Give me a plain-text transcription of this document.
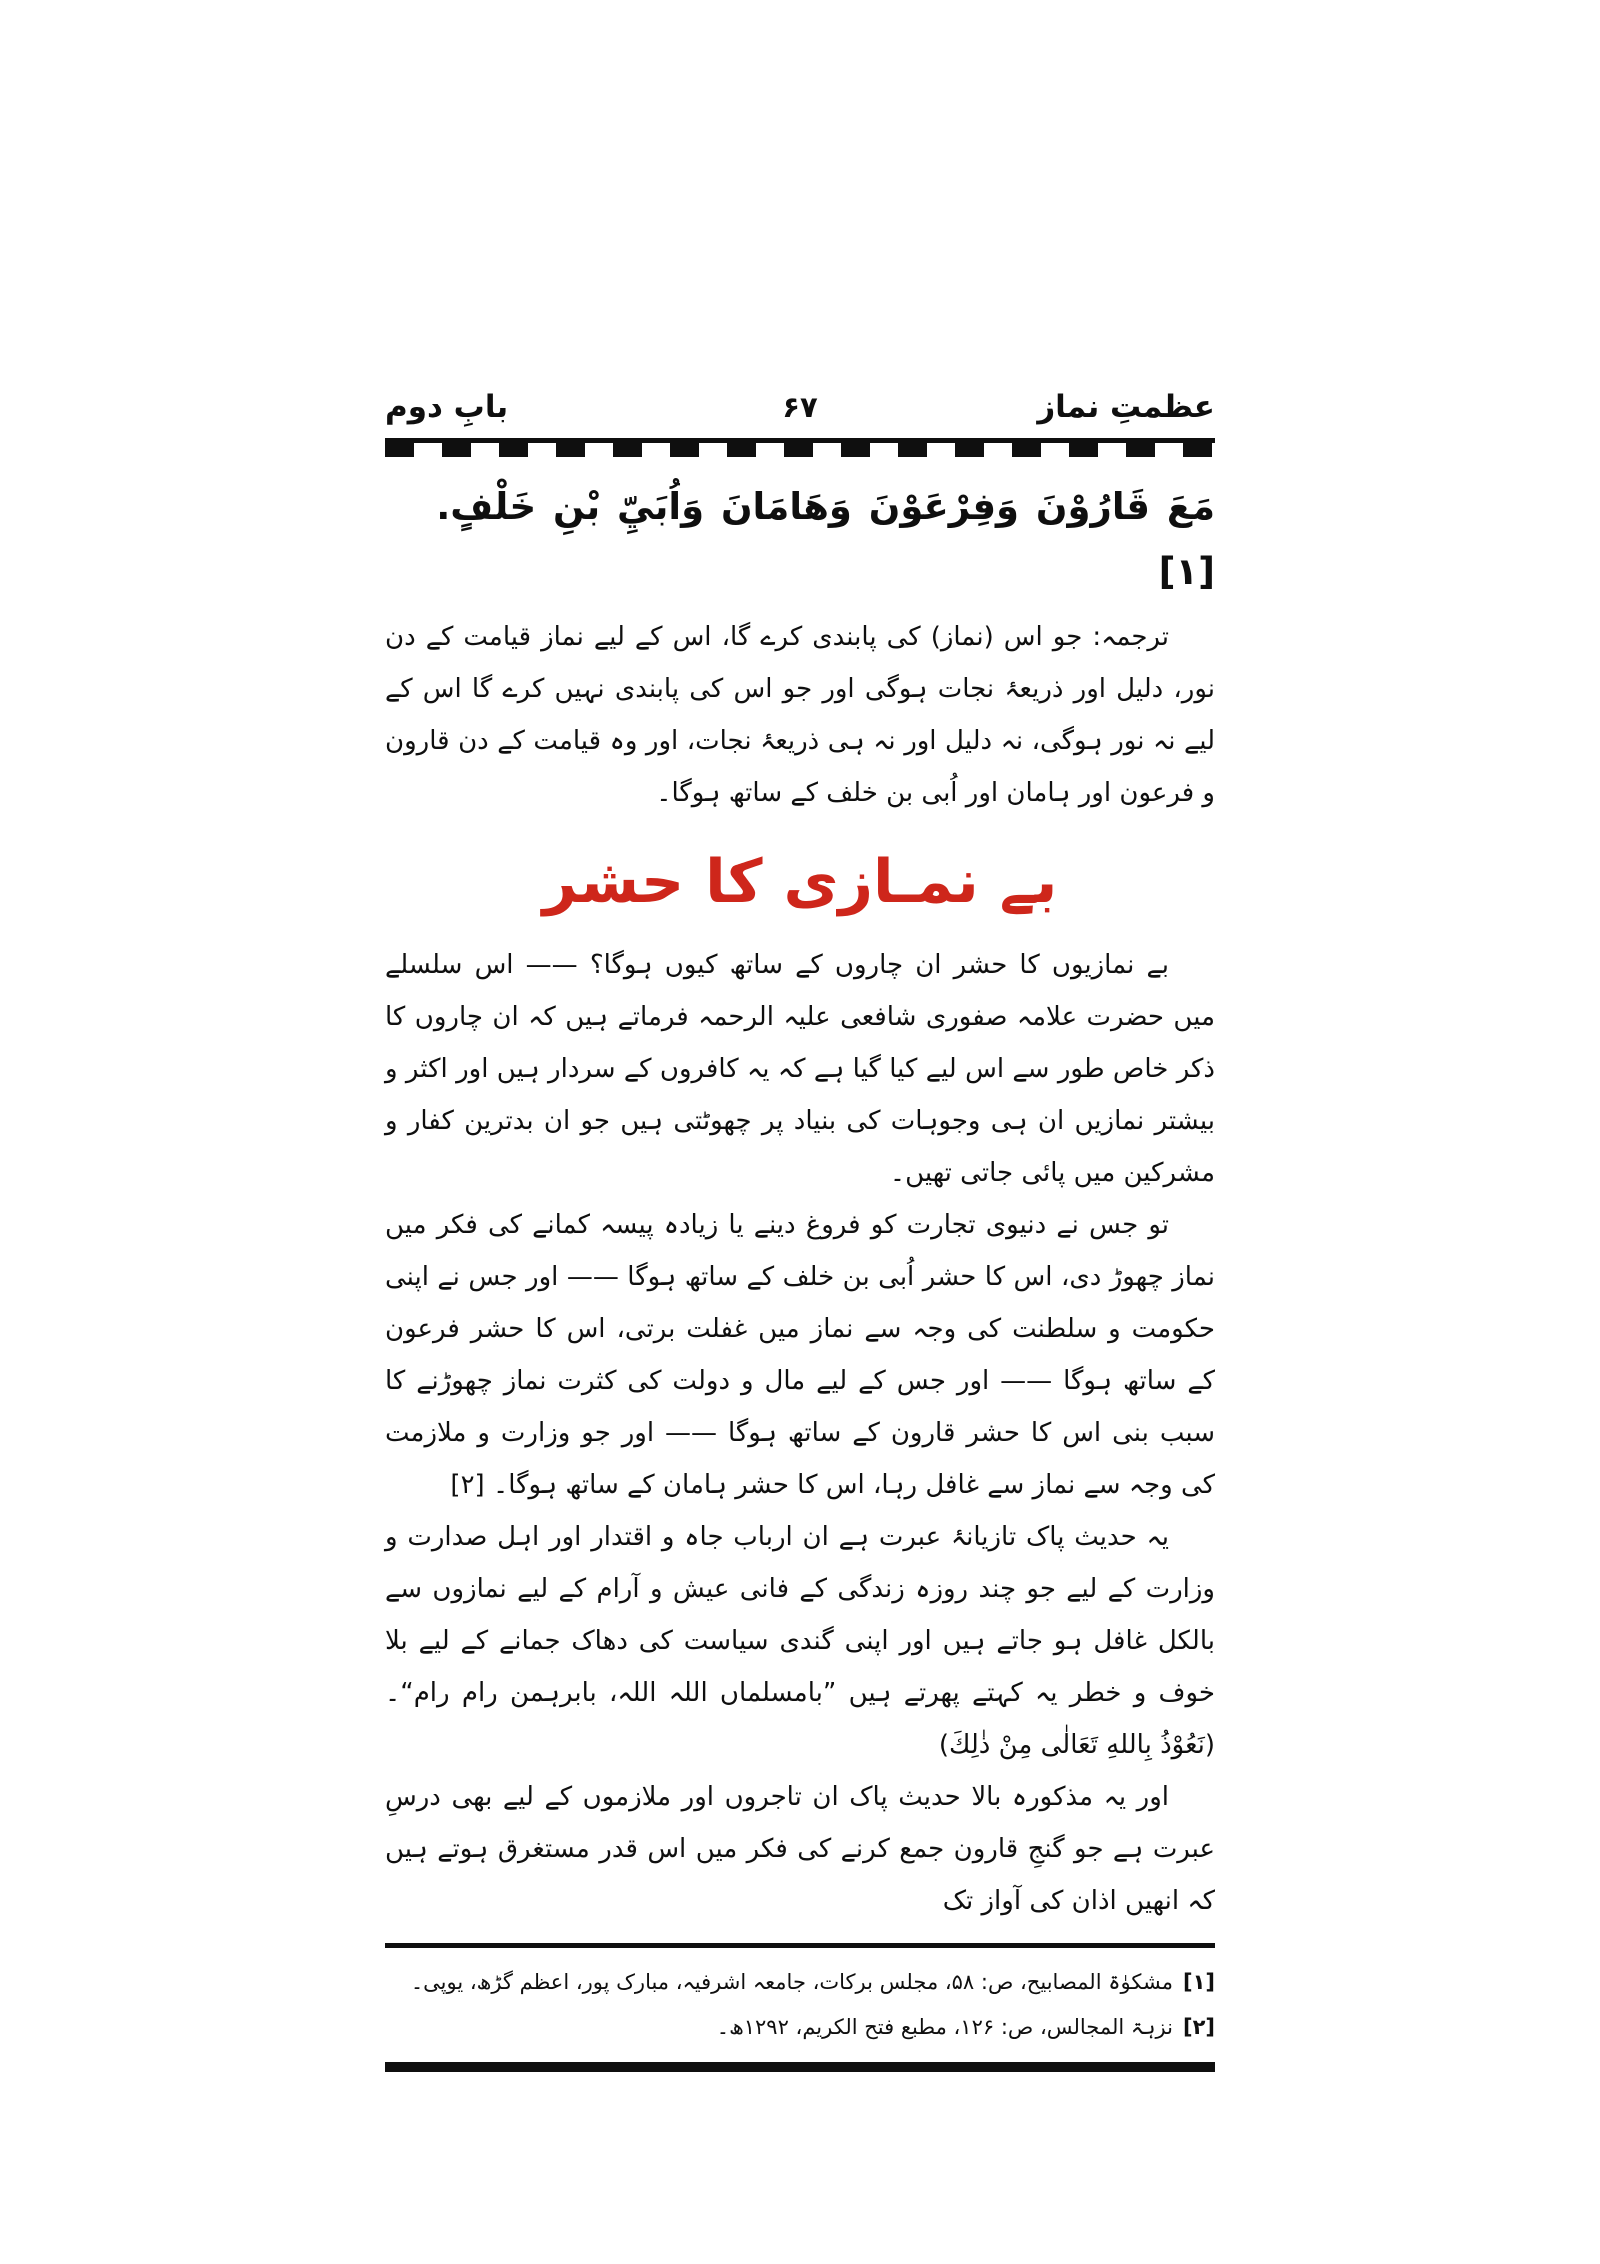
عظمتِ نماز
۶۷
بابِ دوم

مَعَ قَارُوْنَ وَفِرْعَوْنَ وَهَامَانَ وَاُبَيِّ بْنِ خَلْفٍ.[۱]

ترجمہ: جو اس (نماز) کی پابندی کرے گا، اس کے لیے نماز قیامت کے دن نور، دلیل اور ذریعۂ نجات ہوگی اور جو اس کی پابندی نہیں کرے گا اس کے لیے نہ نور ہوگی، نہ دلیل اور نہ ہی ذریعۂ نجات، اور وہ قیامت کے دن قارون و فرعون اور ہامان اور اُبی بن خلف کے ساتھ ہوگا۔

بے نمـازی کا حشر

بے نمازیوں کا حشر ان چاروں کے ساتھ کیوں ہوگا؟ —— اس سلسلے میں حضرت علامہ صفوری شافعی علیہ الرحمہ فرماتے ہیں کہ ان چاروں کا ذکر خاص طور سے اس لیے کیا گیا ہے کہ یہ کافروں کے سردار ہیں اور اکثر و بیشتر نمازیں ان ہی وجوہات کی بنیاد پر چھوٹتی ہیں جو ان بدترین کفار و مشرکین میں پائی جاتی تھیں۔

تو جس نے دنیوی تجارت کو فروغ دینے یا زیادہ پیسہ کمانے کی فکر میں نماز چھوڑ دی، اس کا حشر اُبی بن خلف کے ساتھ ہوگا —— اور جس نے اپنی حکومت و سلطنت کی وجہ سے نماز میں غفلت برتی، اس کا حشر فرعون کے ساتھ ہوگا —— اور جس کے لیے مال و دولت کی کثرت نماز چھوڑنے کا سبب بنی اس کا حشر قارون کے ساتھ ہوگا —— اور جو وزارت و ملازمت کی وجہ سے نماز سے غافل رہا، اس کا حشر ہامان کے ساتھ ہوگا۔ [۲]

یہ حدیث پاک تازیانۂ عبرت ہے ان ارباب جاہ و اقتدار اور اہل صدارت و وزارت کے لیے جو چند روزہ زندگی کے فانی عیش و آرام کے لیے نمازوں سے بالکل غافل ہو جاتے ہیں اور اپنی گندی سیاست کی دھاک جمانے کے لیے بلا خوف و خطر یہ کہتے پھرتے ہیں ”بامسلماں اللہ اللہ، بابرہمن رام رام“۔ (نَعُوْذُ بِاللهِ تَعَالٰی مِنْ ذٰلِكَ)

اور یہ مذکورہ بالا حدیث پاک ان تاجروں اور ملازموں کے لیے بھی درسِ عبرت ہے جو گنجِ قارون جمع کرنے کی فکر میں اس قدر مستغرق ہوتے ہیں کہ انھیں اذان کی آواز تک

[۱]مشکوٰۃ المصابیح، ص: ۵۸، مجلس برکات، جامعہ اشرفیہ، مبارک پور، اعظم گڑھ، یوپی۔
[۲]نزہۃ المجالس، ص: ۱۲۶، مطبع فتح الکریم، ۱۲۹۲ھ۔
